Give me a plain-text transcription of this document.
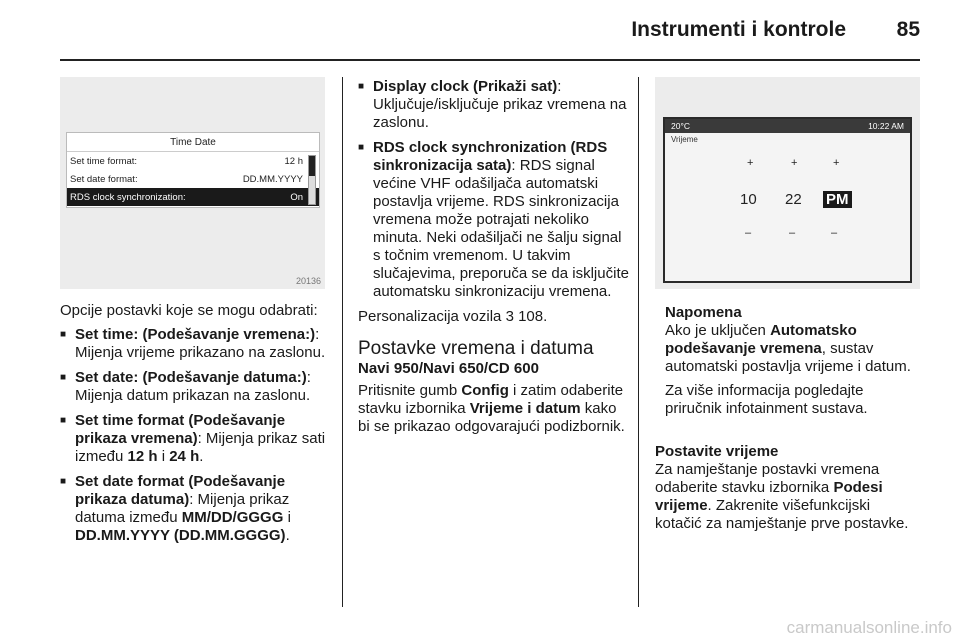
Instrumenti i kontrole 85
Time Date
Set time format:	12 h
Set date format:	DD.MM.YYYY
RDS clock synchronization:	On
20136

Opcije postavki koje se mogu odabrati:

■ Set time: (Podešavanje vremena:): Mijenja vrijeme prikazano na zaslonu.
■ Set date: (Podešavanje datuma:): Mijenja datum prikazan na zaslonu.
■ Set time format (Podešavanje prikaza vremena): Mijenja prikaz sati između 12 h i 24 h.
■ Set date format (Podešavanje prikaza datuma): Mijenja prikaz datuma između MM/DD/GGGG i DD.MM.YYYY (DD.MM.GGGG).
■ Display clock (Prikaži sat): Uključuje/isključuje prikaz vremena na zaslonu.
■ RDS clock synchronization (RDS sinkronizacija sata): RDS signal većine VHF odašiljača automatski postavlja vrijeme. RDS sinkronizacija vremena može potrajati nekoliko minuta. Neki odašiljači ne šalju signal s točnim vremenom. U takvim slučajevima, preporuča se da isključite automatsku sinkronizaciju vremena.

Personalizacija vozila 3 108.

Postavke vremena i datuma
Navi 950/Navi 650/CD 600

Pritisnite gumb Config i zatim odaberite stavku izbornika Vrijeme i datum kako bi se prikazao odgovarajući podizbornik.

20°C	10:22 AM
Vrijeme
+	+	+
10 22 PM
–	–	–
Napomena

Ako je uključen Automatsko podešavanje vremena, sustav automatski postavlja vrijeme i datum.

Za više informacija pogledajte priručnik infotainment sustava.

Postavite vrijeme

Za namještanje postavki vremena odaberite stavku izbornika Podesi vrijeme. Zakrenite višefunkcijski kotačić za namještanje prve postavke.

carmanualsonline.info
